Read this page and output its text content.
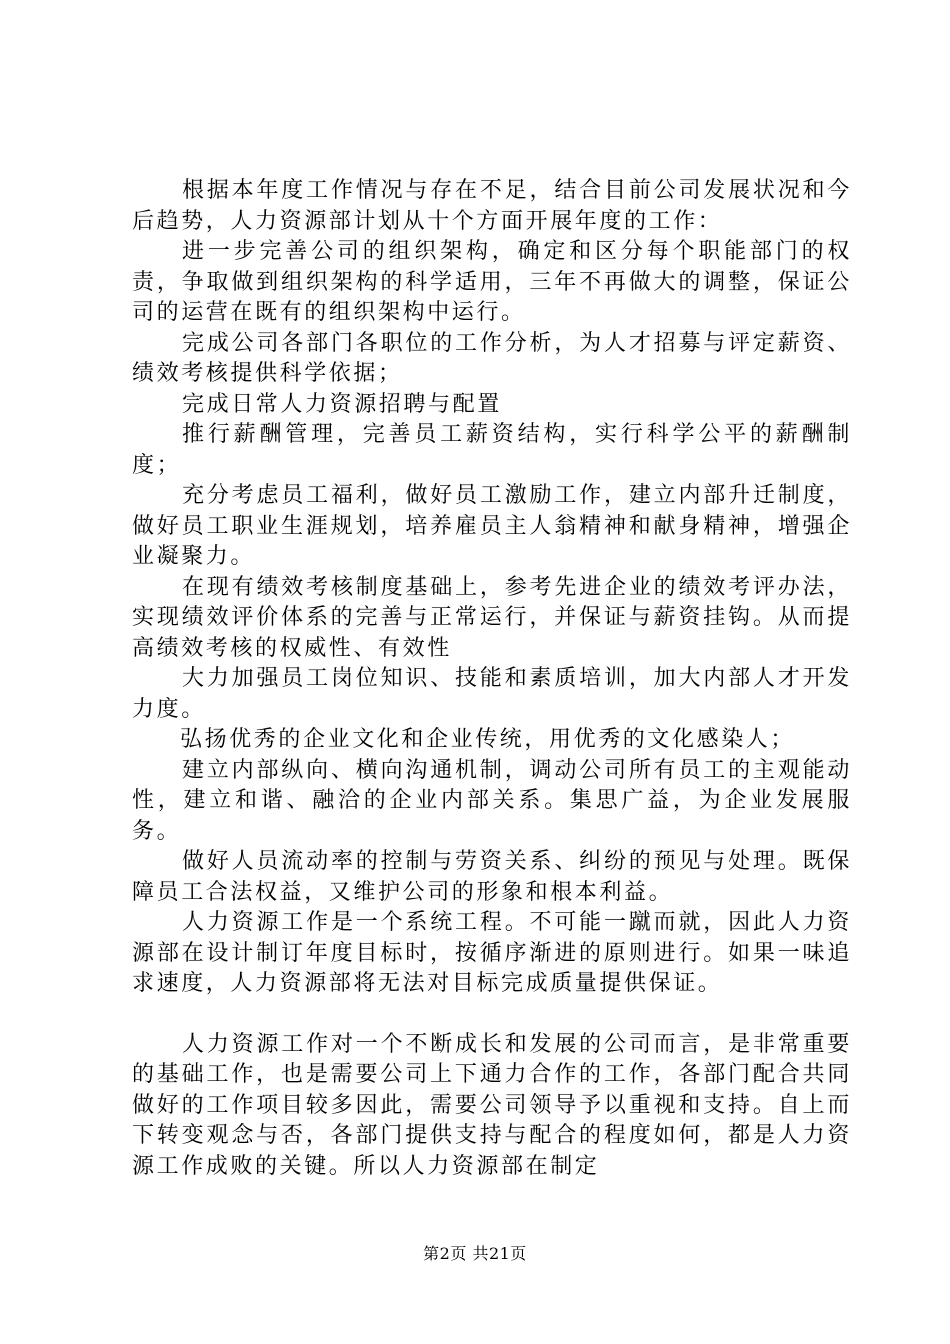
根据本年度工作情况与存在不足，结合目前公司发展状况和今后趋势，人力资源部计划从十个方面开展年度的工作：

进一步完善公司的组织架构，确定和区分每个职能部门的权责，争取做到组织架构的科学适用，三年不再做大的调整，保证公司的运营在既有的组织架构中运行。

完成公司各部门各职位的工作分析，为人才招募与评定薪资、绩效考核提供科学依据；

完成日常人力资源招聘与配置

推行薪酬管理，完善员工薪资结构，实行科学公平的薪酬制度；

充分考虑员工福利，做好员工激励工作，建立内部升迁制度，做好员工职业生涯规划，培养雇员主人翁精神和献身精神，增强企业凝聚力。

在现有绩效考核制度基础上，参考先进企业的绩效考评办法，实现绩效评价体系的完善与正常运行，并保证与薪资挂钩。从而提高绩效考核的权威性、有效性

大力加强员工岗位知识、技能和素质培训，加大内部人才开发力度。

弘扬优秀的企业文化和企业传统，用优秀的文化感染人；

建立内部纵向、横向沟通机制，调动公司所有员工的主观能动性，建立和谐、融洽的企业内部关系。集思广益，为企业发展服务。

做好人员流动率的控制与劳资关系、纠纷的预见与处理。既保障员工合法权益，又维护公司的形象和根本利益。

人力资源工作是一个系统工程。不可能一蹴而就，因此人力资源部在设计制订年度目标时，按循序渐进的原则进行。如果一味追求速度，人力资源部将无法对目标完成质量提供保证。

人力资源工作对一个不断成长和发展的公司而言，是非常重要的基础工作，也是需要公司上下通力合作的工作，各部门配合共同做好的工作项目较多因此，需要公司领导予以重视和支持。自上而下转变观念与否，各部门提供支持与配合的程度如何，都是人力资源工作成败的关键。所以人力资源部在制定

第2页 共21页
